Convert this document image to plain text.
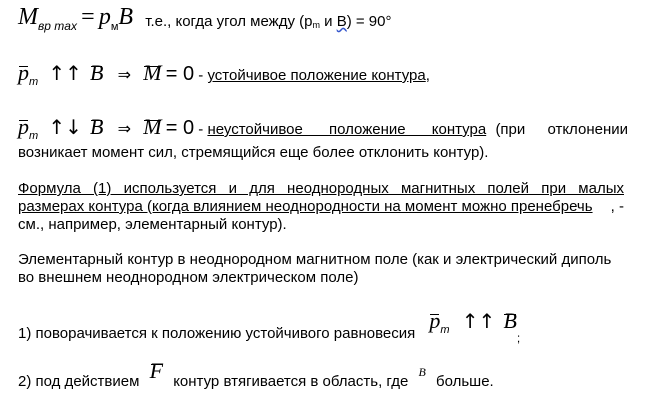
$M_{вр max} = p_мB$ т.е., когда угол между (pm и B) = 90°
$p_m$ ↑↑ B ⇒ M = 0 - устойчивое положение контура,
$p_m$ ↑↓ B ⇒ M = 0 - неустойчивое положение контура (при отклонении
возникает момент сил, стремящийся еще более отклонить контур).
Формула (1) используется и для неоднородных магнитных полей при малых
размерах контура (когда влиянием неоднородности на момент можно пренебречь , -
см., например, элементарный контур).
Элементарный контур в неоднородном магнитном поле (как и электрический диполь
во внешнем неоднородном электрическом поле)
1) поворачивается к положению устойчивого равновесия $p_m$ ↑↑ $B_;$
2) под действием F контур втягивается в область, где B больше.
